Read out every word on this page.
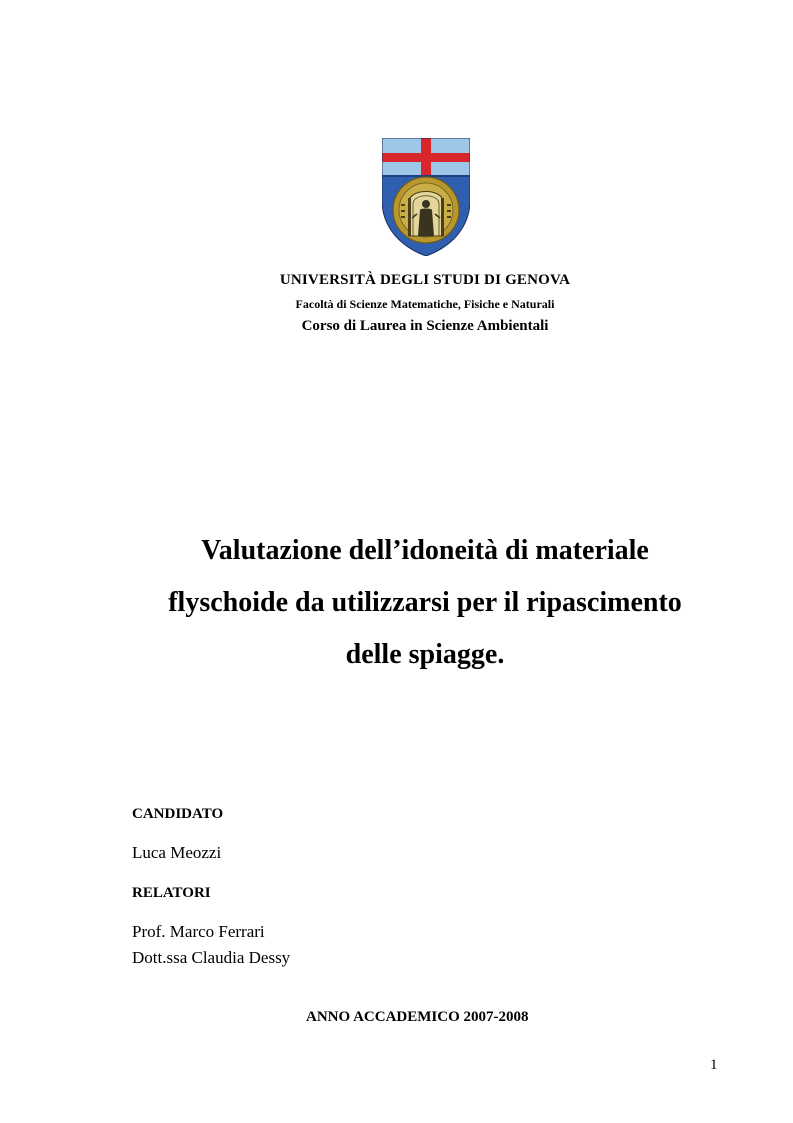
UNIVERSITÀ DEGLI STUDI DI GENOVA
Facoltà di Scienze Matematiche, Fisiche e Naturali
Corso di Laurea in Scienze Ambientali
Valutazione dell’idoneità di materiale
flyschoide da utilizzarsi per il ripascimento
delle spiagge.
CANDIDATO
Luca Meozzi
RELATORI
Prof. Marco Ferrari
Dott.ssa Claudia Dessy
ANNO ACCADEMICO 2007-2008
1
